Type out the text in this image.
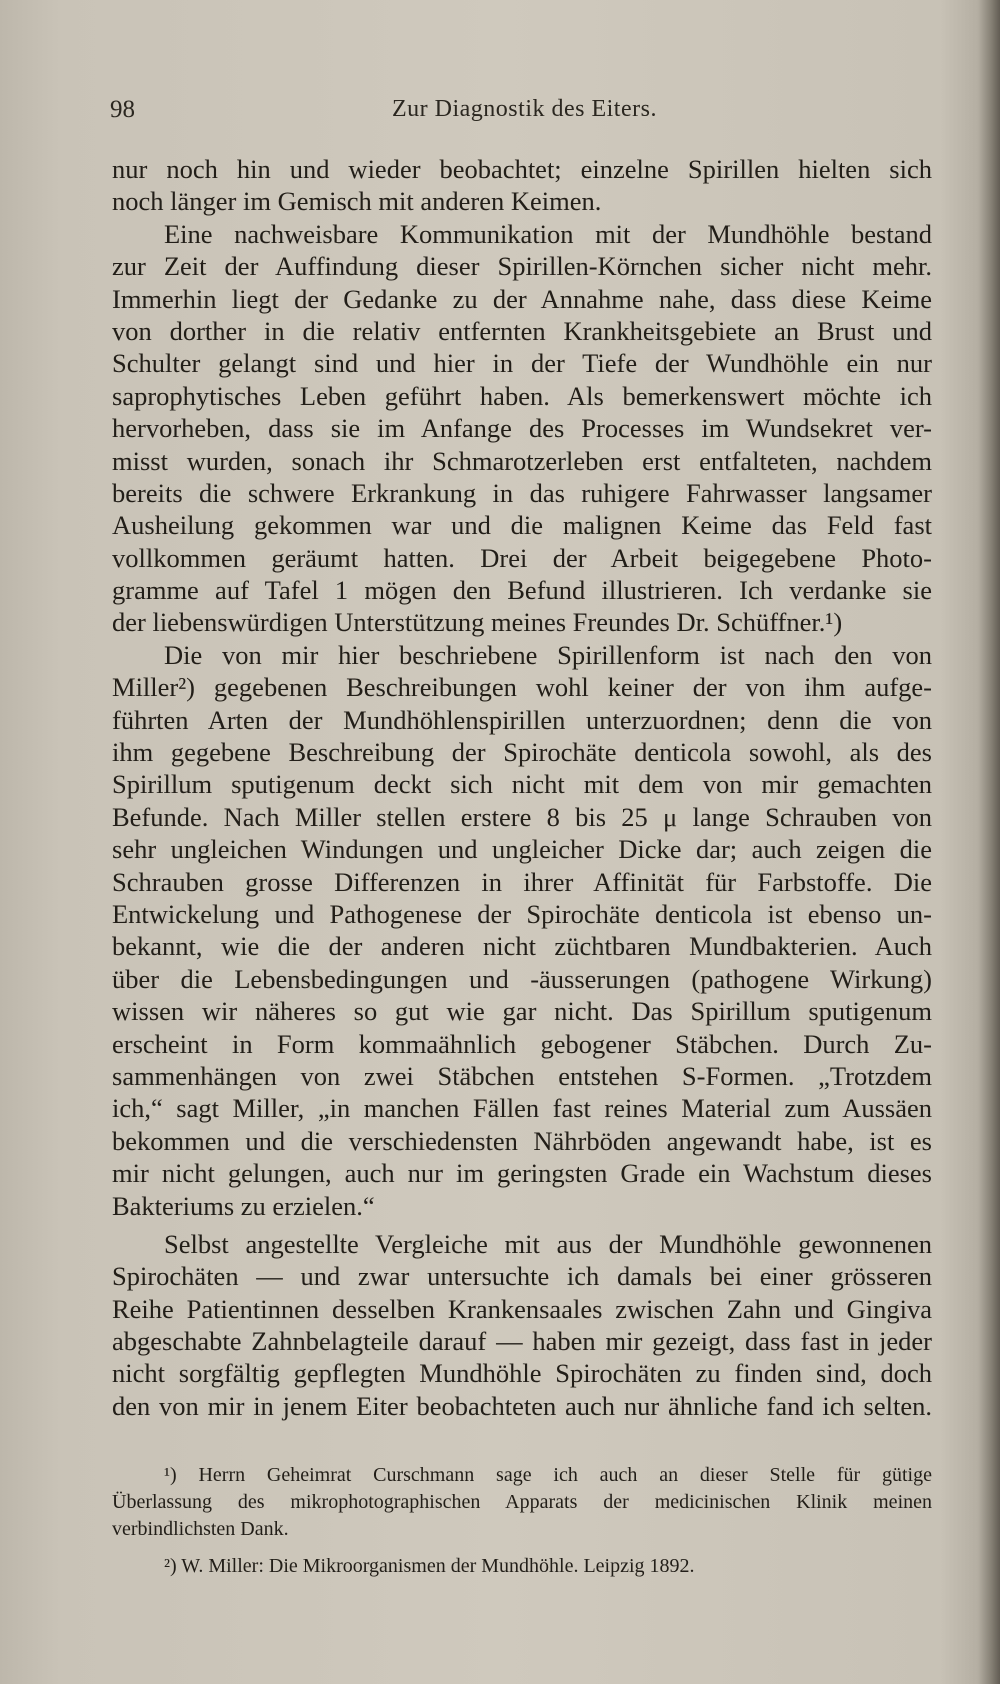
98	Zur Diagnostik des Eiters.
nur noch hin und wieder beobachtet; einzelne Spirillen hielten sich
noch länger im Gemisch mit anderen Keimen.
Eine nachweisbare Kommunikation mit der Mundhöhle bestand
zur Zeit der Auffindung dieser Spirillen-Körnchen sicher nicht mehr.
Immerhin liegt der Gedanke zu der Annahme nahe, dass diese Keime
von dorther in die relativ entfernten Krankheitsgebiete an Brust und
Schulter gelangt sind und hier in der Tiefe der Wundhöhle ein nur
saprophytisches Leben geführt haben. Als bemerkenswert möchte ich
hervorheben, dass sie im Anfange des Processes im Wundsekret ver-
misst wurden, sonach ihr Schmarotzerleben erst entfalteten, nachdem
bereits die schwere Erkrankung in das ruhigere Fahrwasser langsamer
Ausheilung gekommen war und die malignen Keime das Feld fast
vollkommen geräumt hatten. Drei der Arbeit beigegebene Photo-
gramme auf Tafel 1 mögen den Befund illustrieren. Ich verdanke sie
der liebenswürdigen Unterstützung meines Freundes Dr. Schüffner.¹)
Die von mir hier beschriebene Spirillenform ist nach den von
Miller²) gegebenen Beschreibungen wohl keiner der von ihm aufge-
führten Arten der Mundhöhlenspirillen unterzuordnen; denn die von
ihm gegebene Beschreibung der Spirochäte denticola sowohl, als des
Spirillum sputigenum deckt sich nicht mit dem von mir gemachten
Befunde. Nach Miller stellen erstere 8 bis 25 μ lange Schrauben von
sehr ungleichen Windungen und ungleicher Dicke dar; auch zeigen die
Schrauben grosse Differenzen in ihrer Affinität für Farbstoffe. Die
Entwickelung und Pathogenese der Spirochäte denticola ist ebenso un-
bekannt, wie die der anderen nicht züchtbaren Mundbakterien. Auch
über die Lebensbedingungen und -äusserungen (pathogene Wirkung)
wissen wir näheres so gut wie gar nicht. Das Spirillum sputigenum
erscheint in Form kommaähnlich gebogener Stäbchen. Durch Zu-
sammenhängen von zwei Stäbchen entstehen S-Formen. „Trotzdem
ich,“ sagt Miller, „in manchen Fällen fast reines Material zum Aussäen
bekommen und die verschiedensten Nährböden angewandt habe, ist es
mir nicht gelungen, auch nur im geringsten Grade ein Wachstum dieses
Bakteriums zu erzielen.“
Selbst angestellte Vergleiche mit aus der Mundhöhle gewonnenen
Spirochäten — und zwar untersuchte ich damals bei einer grösseren
Reihe Patientinnen desselben Krankensaales zwischen Zahn und Gingiva
abgeschabte Zahnbelagteile darauf — haben mir gezeigt, dass fast in jeder
nicht sorgfältig gepflegten Mundhöhle Spirochäten zu finden sind, doch
den von mir in jenem Eiter beobachteten auch nur ähnliche fand ich selten.
¹) Herrn Geheimrat Curschmann sage ich auch an dieser Stelle für gütige
Überlassung des mikrophotographischen Apparats der medicinischen Klinik meinen
verbindlichsten Dank.
²) W. Miller: Die Mikroorganismen der Mundhöhle. Leipzig 1892.
